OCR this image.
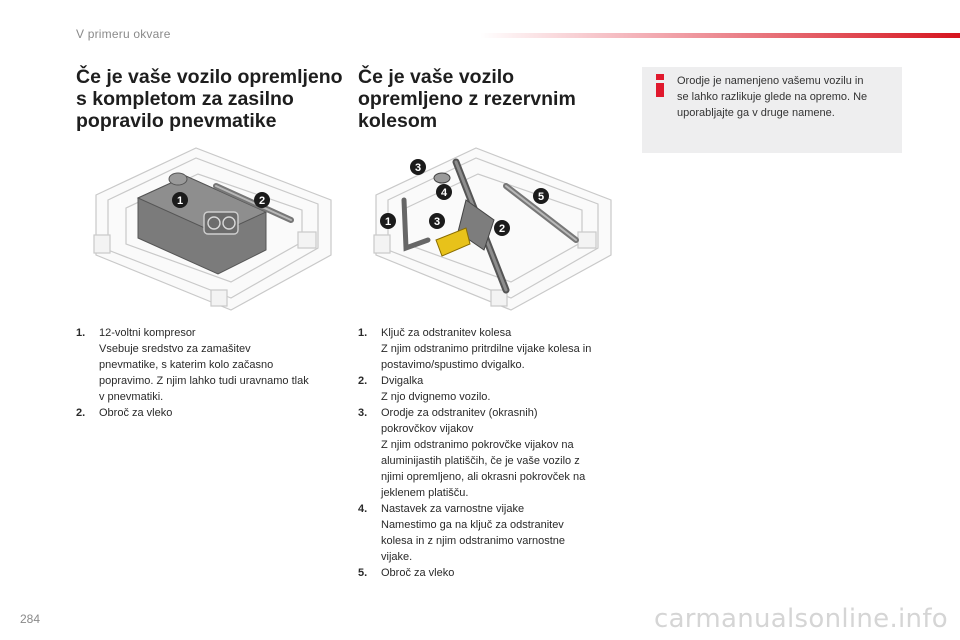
V primeru okvare
Če je vaše vozilo opremljeno
s kompletom za zasilno
popravilo pnevmatike
Če je vaše vozilo
opremljeno z rezervnim
kolesom
Orodje je namenjeno vašemu vozilu in
se lahko razlikuje glede na opremo. Ne
uporabljajte ga v druge namene.
1	2
3
4
1	3
2
5
1. 12-voltni kompresor
Vsebuje sredstvo za zamašitev
pnevmatike, s katerim kolo začasno
popravimo. Z njim lahko tudi uravnamo tlak
v pnevmatiki.
2. Obroč za vleko
1. Ključ za odstranitev kolesa
Z njim odstranimo pritrdilne vijake kolesa in
postavimo/spustimo dvigalko.
2. Dvigalka
Z njo dvignemo vozilo.
3. Orodje za odstranitev (okrasnih)
pokrovčkov vijakov
Z njim odstranimo pokrovčke vijakov na
aluminijastih platiščih, če je vaše vozilo z
njimi opremljeno, ali okrasni pokrovček na
jeklenem platišču.
4. Nastavek za varnostne vijake
Namestimo ga na ključ za odstranitev
kolesa in z njim odstranimo varnostne
vijake.
5. Obroč za vleko
284	carmanualsonline.info
